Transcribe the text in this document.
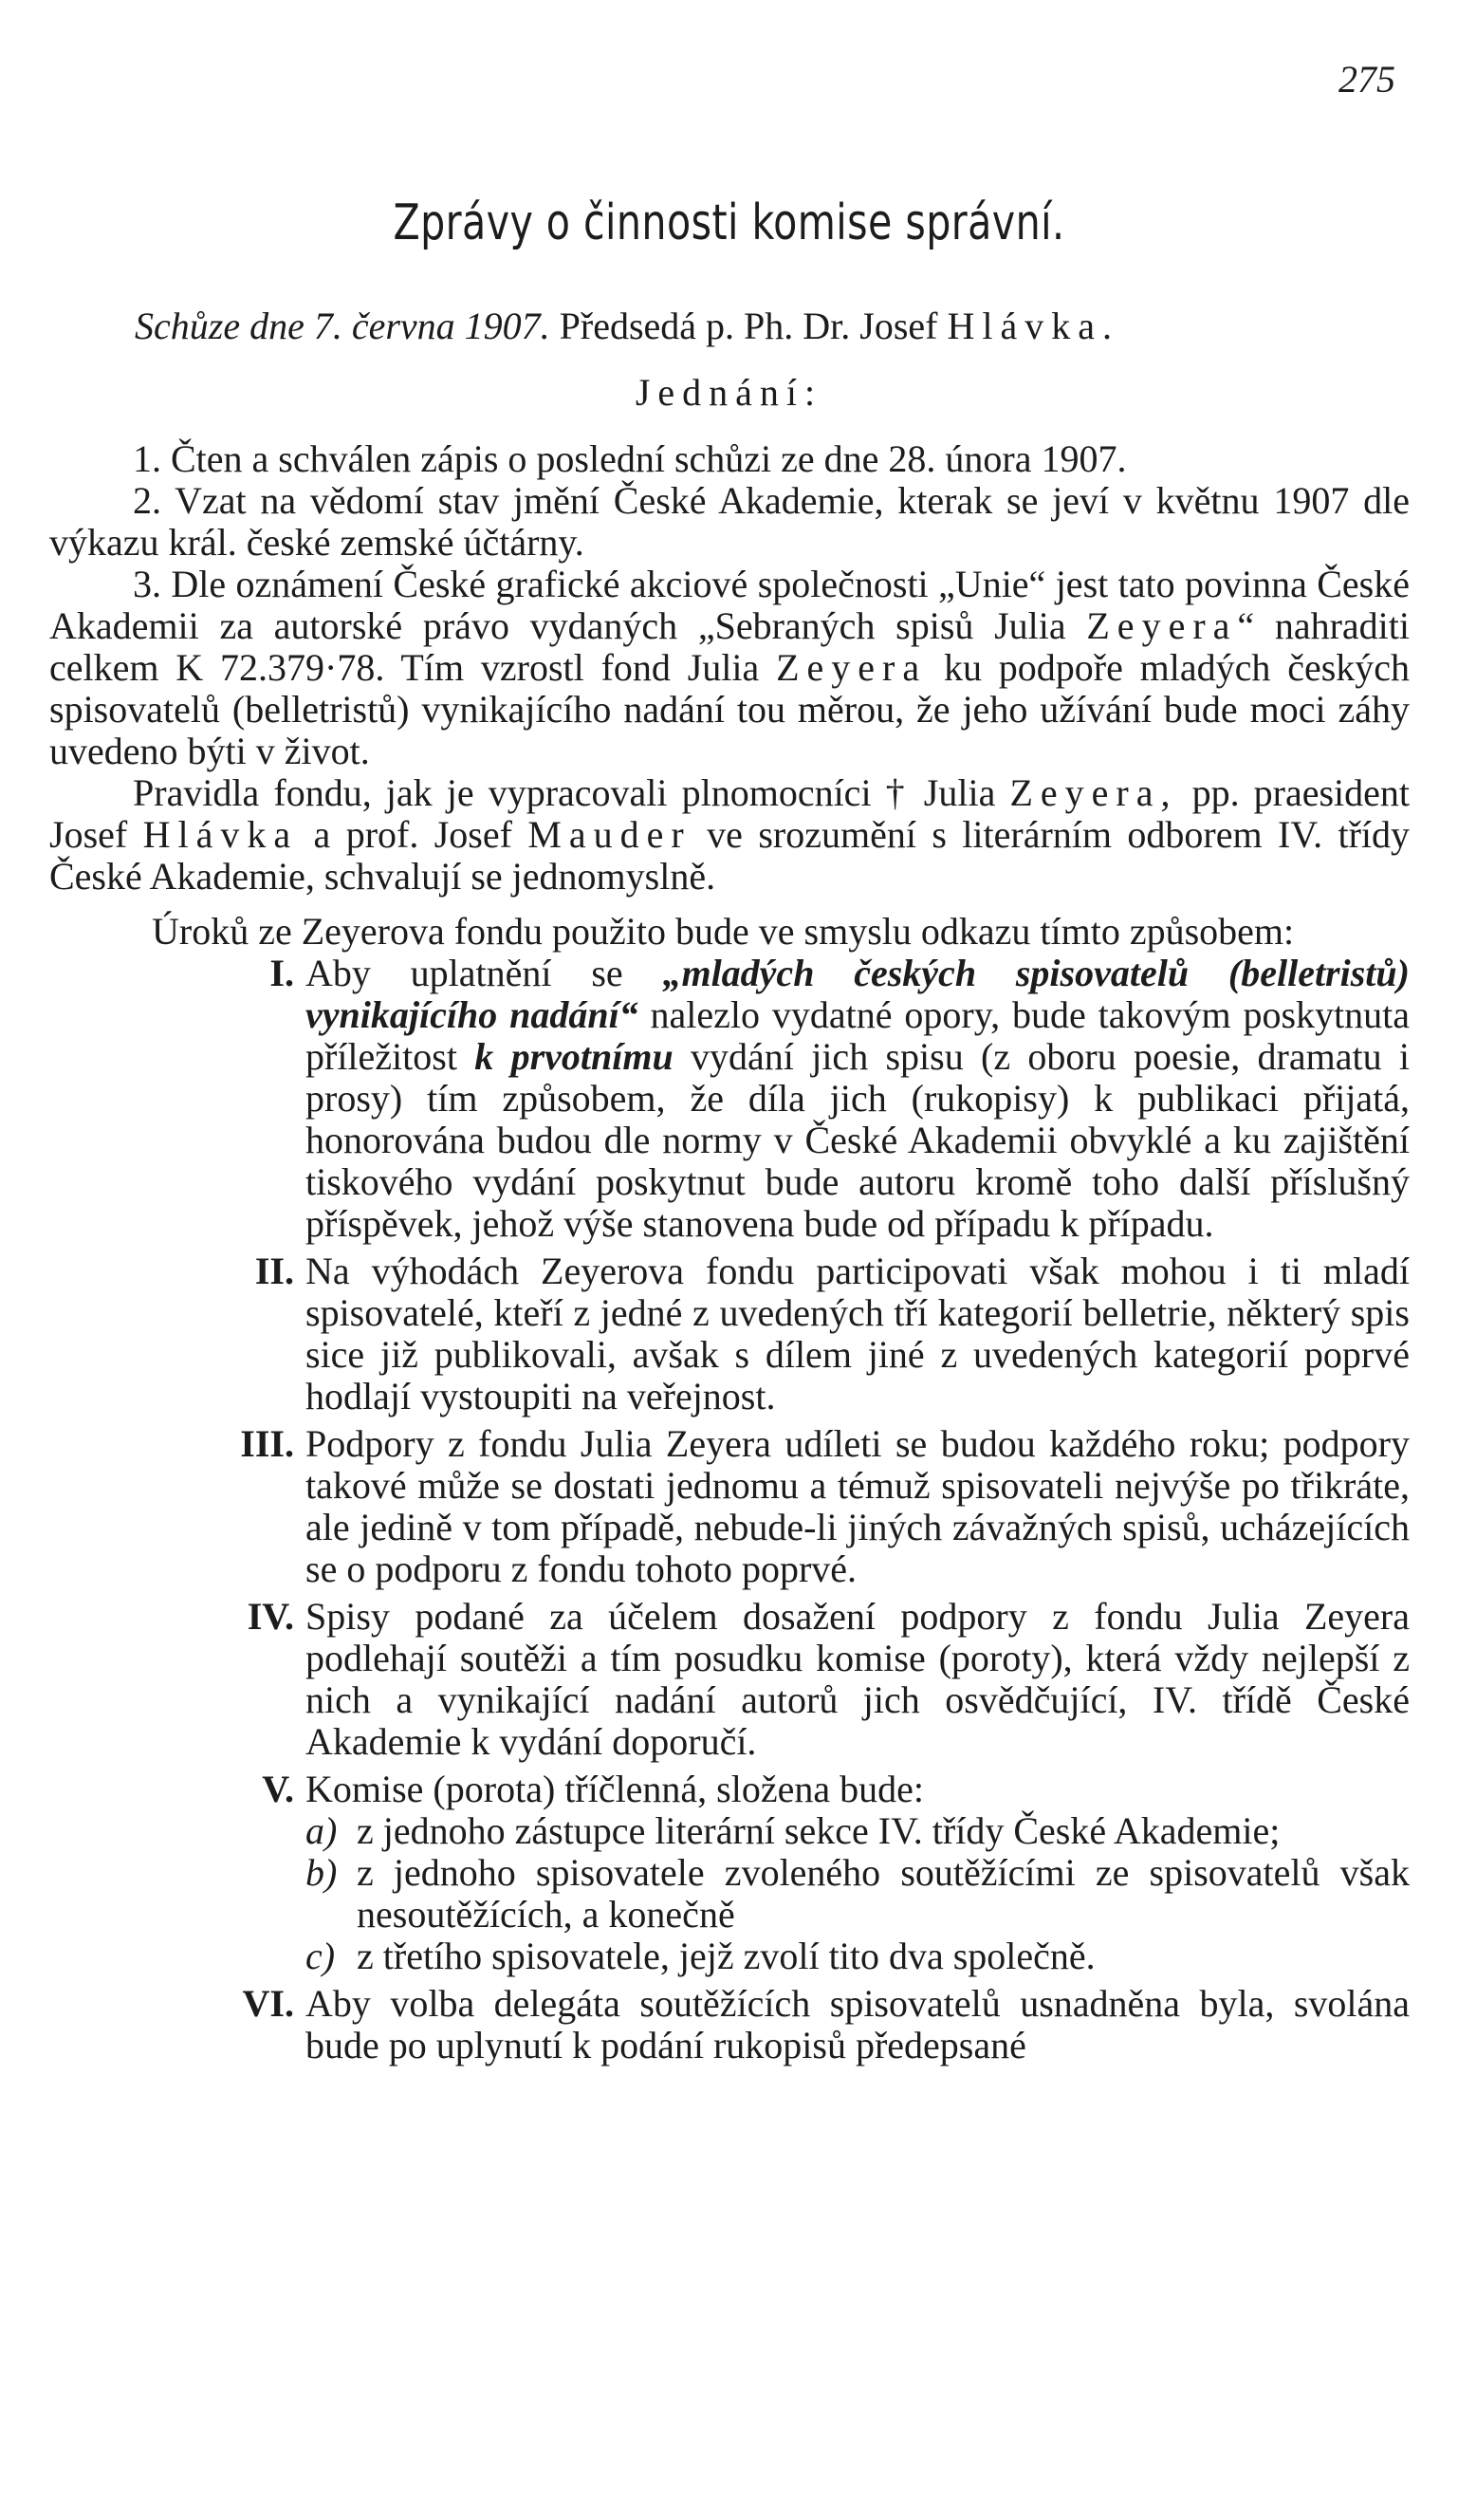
275
Zprávy o činnosti komise správní.
Schůze dne 7. června 1907. Předsedá p. Ph. Dr. Josef Hlávka.
Jednání:

1. Čten a schválen zápis o poslední schůzi ze dne 28. února 1907.

2. Vzat na vědomí stav jmění České Akademie, kterak se jeví v květnu 1907 dle výkazu král. české zemské účtárny.

3. Dle oznámení České grafické akciové společnosti „Unie“ jest tato povinna České Akademii za autorské právo vydaných „Sebraných spisů Julia Zeyera“ nahraditi celkem K 72.379·78. Tím vzrostl fond Julia Zeyera ku podpoře mladých českých spisovatelů (belletristů) vynikajícího nadání tou měrou, že jeho užívání bude moci záhy uvedeno býti v život.

Pravidla fondu, jak je vypracovali plnomocníci † Julia Zeyera, pp. praesident Josef Hlávka a prof. Josef Mauder ve srozumění s literárním odborem IV. třídy České Akademie, schvalují se jednomyslně.

Úroků ze Zeyerova fondu použito bude ve smyslu odkazu tímto způsobem:

I. Aby uplatnění se „mladých českých spisovatelů (belletristů) vynikajícího nadání“ nalezlo vydatné opory, bude takovým poskytnuta příležitost k prvotnímu vydání jich spisu (z oboru poesie, dramatu i prosy) tím způsobem, že díla jich (rukopisy) k publikaci přijatá, honorována budou dle normy v České Akademii obvyklé a ku zajištění tiskového vydání poskytnut bude autoru kromě toho další příslušný příspěvek, jehož výše stanovena bude od případu k případu.
II. Na výhodách Zeyerova fondu participovati však mohou i ti mladí spisovatelé, kteří z jedné z uvedených tří kategorií belletrie, některý spis sice již publikovali, avšak s dílem jiné z uvedených kategorií poprvé hodlají vystoupiti na veřejnost.
III. Podpory z fondu Julia Zeyera udíleti se budou každého roku; podpory takové může se dostati jednomu a témuž spisovateli nejvýše po třikráte, ale jedině v tom případě, nebude-li jiných závažných spisů, ucházejících se o podporu z fondu tohoto poprvé.
IV. Spisy podané za účelem dosažení podpory z fondu Julia Zeyera podlehají soutěži a tím posudku komise (poroty), která vždy nejlepší z nich a vynikající nadání autorů jich osvědčující, IV. třídě České Akademie k vydání doporučí.
V. Komise (porota) tříčlenná, složena bude:
a) z jednoho zástupce literární sekce IV. třídy České Akademie;
b) z jednoho spisovatele zvoleného soutěžícími ze spisovatelů však nesoutěžících, a konečně
c) z třetího spisovatele, jejž zvolí tito dva společně.
VI. Aby volba delegáta soutěžících spisovatelů usnadněna byla, svolána bude po uplynutí k podání rukopisů předepsané
